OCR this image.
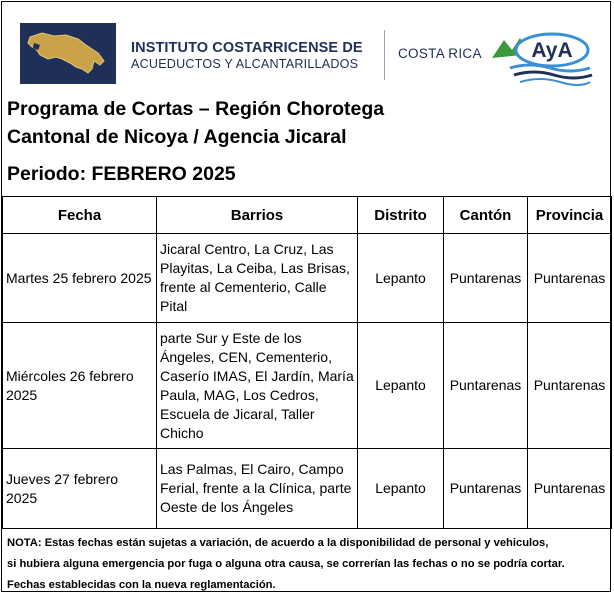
INSTITUTO COSTARRICENSE DE
ACUEDUCTOS Y ALCANTARILLADOS
COSTA RICA AyA
Programa de Cortas – Región Chorotega
Cantonal de Nicoya / Agencia Jicaral
Periodo: FEBRERO 2025
Fecha	Barrios	Distrito	Cantón	Provincia
Martes 25 febrero 2025	Jicaral Centro, La Cruz, Las Playitas, La Ceiba, Las Brisas, frente al Cementerio, Calle Pital	Lepanto	Puntarenas	Puntarenas
Miércoles 26 febrero 2025	parte Sur y Este de los Ángeles, CEN, Cementerio, Caserío IMAS, El Jardín, María Paula, MAG, Los Cedros, Escuela de Jicaral, Taller Chicho	Lepanto	Puntarenas	Puntarenas
Jueves 27 febrero 2025	Las Palmas, El Cairo, Campo Ferial, frente a la Clínica, parte Oeste de los Ángeles	Lepanto	Puntarenas	Puntarenas
NOTA: Estas fechas están sujetas a variación, de acuerdo a la disponibilidad de personal y vehiculos,
si hubiera alguna emergencia por fuga o alguna otra causa, se correrían las fechas o no se podría cortar.
Fechas establecidas con la nueva reglamentación.
